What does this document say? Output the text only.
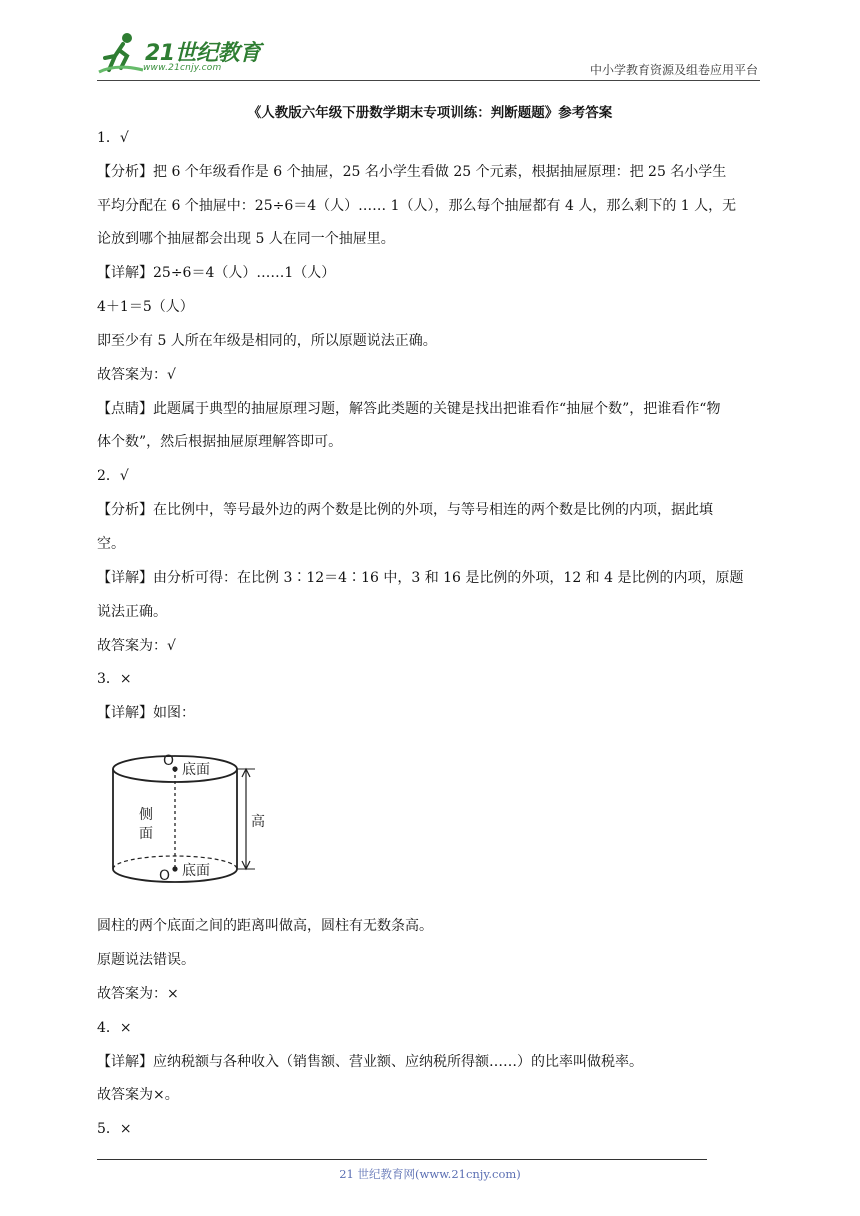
21世纪教育
www.21cnjy.com	中小学教育资源及组卷应用平台
《人教版六年级下册数学期末专项训练：判断题题》参考答案
1．√
【分析】把 6 个年级看作是 6 个抽屉，25 名小学生看做 25 个元素，根据抽屉原理：把 25 名小学生
平均分配在 6 个抽屉中：25÷6＝4（人）…… 1（人），那么每个抽屉都有 4 人，那么剩下的 1 人，无
论放到哪个抽屉都会出现 5 人在同一个抽屉里。
【详解】25÷6＝4（人）……1（人）
4＋1＝5（人）
即至少有 5 人所在年级是相同的，所以原题说法正确。
故答案为：√
【点睛】此题属于典型的抽屉原理习题，解答此类题的关键是找出把谁看作“抽屉个数”，把谁看作“物
体个数”，然后根据抽屉原理解答即可。
2．√
【分析】在比例中，等号最外边的两个数是比例的外项，与等号相连的两个数是比例的内项，据此填
空。
【详解】由分析可得：在比例 3∶12＝4∶16 中，3 和 16 是比例的外项，12 和 4 是比例的内项，原题
说法正确。
故答案为：√
3．×
【详解】如图：
O
底面
侧
面
高
O 底面
圆柱的两个底面之间的距离叫做高，圆柱有无数条高。
原题说法错误。
故答案为：×
4．×
【详解】应纳税额与各种收入（销售额、营业额、应纳税所得额……）的比率叫做税率。
故答案为×。
5．×
21 世纪教育网(www.21cnjy.com)
